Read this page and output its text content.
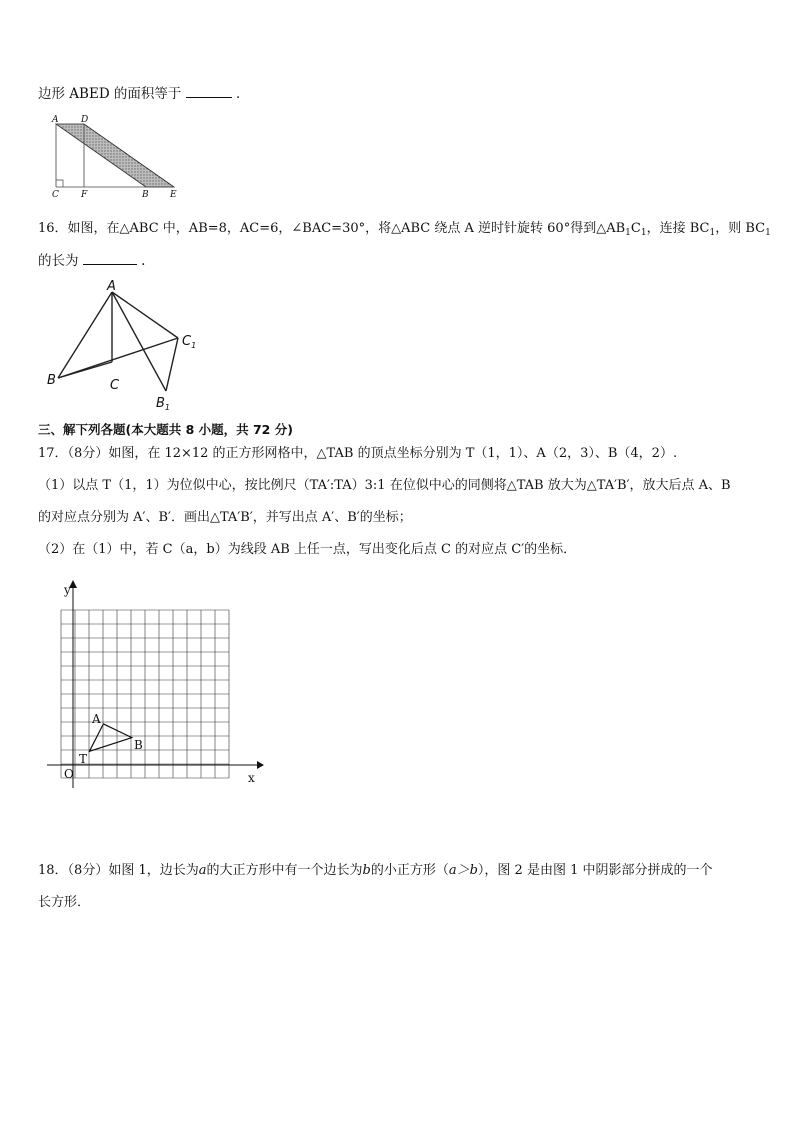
边形 ABED 的面积等于	．
A	D
C F	B E
16．如图，在△ABC 中，AB=8，AC=6，∠BAC=30°，将△ABC 绕点 A 逆时针旋转 60°得到$\triangle AB_1C_1$，连接 $BC_1$，则 $BC_1$
的长为	.
A
B	C
$C_1$
$B_1$
三、解下列各题(本大题共 8 小题，共 72 分)
17．（8分）如图，在 12×12 的正方形网格中，△TAB 的顶点坐标分别为 T（1，1）、A（2，3）、B（4，2）.
（1）以点 T（1，1）为位似中心，按比例尺（TA′:TA）3:1 在位似中心的同侧将△TAB 放大为△TA′B′，放大后点 A、B
的对应点分别为 A′、B′．画出△TA′B′，并写出点 A′、B′的坐标；
（2）在（1）中，若 C（a，b）为线段 AB 上任一点，写出变化后点 C 的对应点 C′的坐标．
y
x
O
T
A
B
18．（8分）如图 1，边长为a的大正方形中有一个边长为b的小正方形（a＞b），图 2 是由图 1 中阴影部分拼成的一个
长方形．
